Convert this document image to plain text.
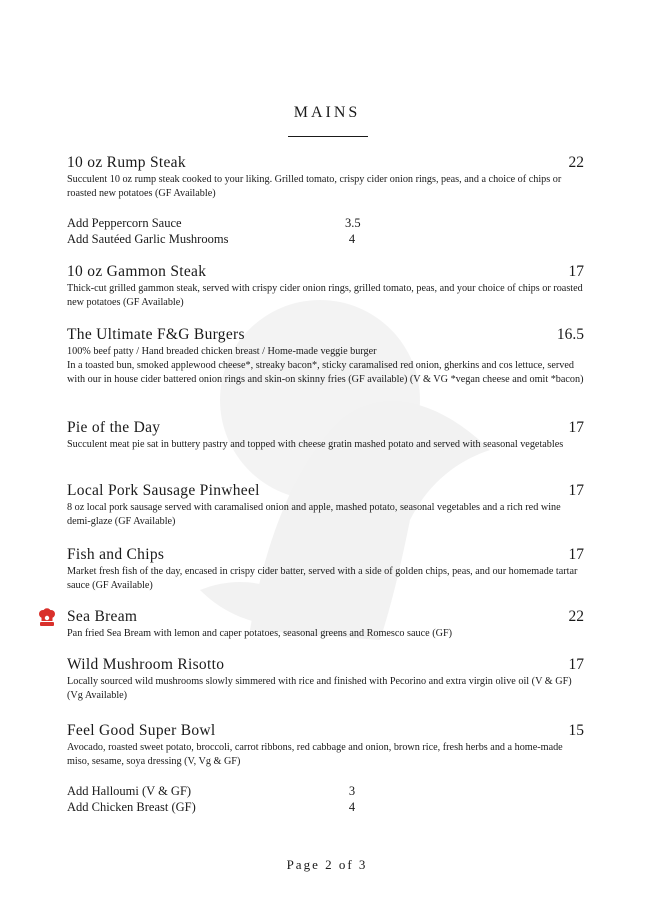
MAINS
10 oz Rump Steak	22
Succulent 10 oz rump steak cooked to your liking. Grilled tomato, crispy cider onion rings, peas, and a choice of chips or roasted new potatoes (GF Available)
Add Peppercorn Sauce	3.5
Add Sautéed Garlic Mushrooms	4
10 oz Gammon Steak	17
Thick-cut grilled gammon steak, served with crispy cider onion rings, grilled tomato, peas, and your choice of chips or roasted new potatoes (GF Available)
The Ultimate F&G Burgers	16.5
100% beef patty / Hand breaded chicken breast / Home-made veggie burger
In a toasted bun, smoked applewood cheese*, streaky bacon*, sticky caramalised red onion, gherkins and cos lettuce, served with our in house cider battered onion rings and skin-on skinny fries (GF available) (V & VG *vegan cheese and omit *bacon)
Pie of the Day	17
Succulent meat pie sat in buttery pastry and topped with cheese gratin mashed potato and served with seasonal vegetables
Local Pork Sausage Pinwheel	17
8 oz local pork sausage served with caramalised onion and apple, mashed potato, seasonal vegetables and a rich red wine demi-glaze (GF Available)
Fish and Chips	17
Market fresh fish of the day, encased in crispy cider batter, served with a side of golden chips, peas, and our homemade tartar sauce (GF Available)
Sea Bream	22
Pan fried Sea Bream with lemon and caper potatoes, seasonal greens and Romesco sauce (GF)
Wild Mushroom Risotto	17
Locally sourced wild mushrooms slowly simmered with rice and finished with Pecorino and extra virgin olive oil (V & GF) (Vg Available)
Feel Good Super Bowl	15
Avocado, roasted sweet potato, broccoli, carrot ribbons, red cabbage and onion, brown rice, fresh herbs and a home-made miso, sesame, soya dressing (V, Vg & GF)
Add Halloumi (V & GF)	3
Add Chicken Breast (GF)	4
Page 2 of 3
